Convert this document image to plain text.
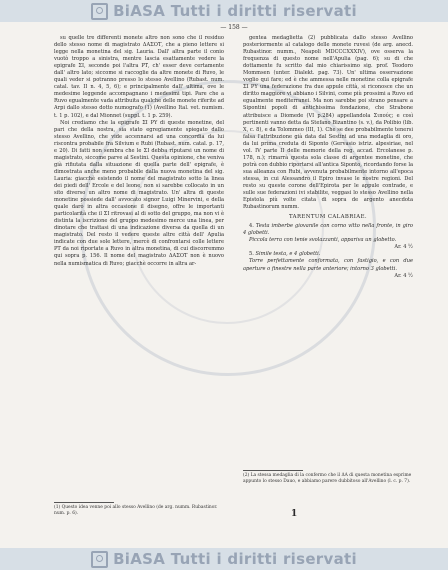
BiASA Tutti i diritti riservati
— 158 —

su quelle tre differenti monete altro non sono che il residuo dello stesso nome di magistrato ΔΑΣΟΤ, che a pieno lettere si legge nella monetina del sig. Lauria. Dall' altra parte il conio vuotò troppo a sinistra, mentre lascia esattamente vedere la epigrafe ΣΙ, seconde poi l'altra ΡΤ, ch' esser deve certamente dall' altro lato; siccome si raccoglie da altre monete di Ruvo, le quali veder si potranno presso lo stesso Avellino (Rubast. num. catal. tav. II n. 4, 5, 6); e principalmente dall' ultima, ove le medesime leggende accompagnano i medesimi tipi. Pare che a Ruvo egualmente vada attribuita qualche delle monete riferite ad Arpi dallo stesso dotto numografo (1) (Avellino Ital. vet. numism. t. 1 p. 102), e dal Mionnet (suppl. t. 1 p. 259).

Noi crediamo che la epigrafe ΣΙ ΡΥ di queste monetine, del pari che della nostra, sia stato egregiamente spiegato dallo stesso Avellino, che vide accennarsi ad una concordia da lui riscontra probabile fra Silvium e Rubi (Rubast. num. catal. p. 17, e 20). Di fatti non sembra che le ΣΙ debba riputarsi un nome di magistrato, siccome parve al Sestini. Questa opinione, che veniva già rifiutata dalla situazione di quella parte dell' epigrafe, è dimostrata anche meno probabile dalla nuova monetina del sig. Lauria: giacchè esistendo il nome del magistrato sotto la linea dei piedi dell' Ercole e del leone, non si sarebbe collocato in un sito diverso un altro nome di magistrato. Un' altra di queste monetine possiede dall' avvocato signor Luigi Minervini, e della quale darò in altra occasione il disegno, offre le importanti particolarità che il ΣΙ ritrovasi al di sotto del gruppo, ma non vi è distinta la iscrizione del gruppo medesimo merce una linea, per dinotare che trattasi di una indicazione diversa da quella di un magistrato. Del resto il vedere queste altre città dell' Apulia indicate con due sole lettere, mercè di confrontarsi colle lettere ΡΤ da noi riportate a Ruvo in altra monetina, di cui discorremmo qui sopra p. 156. Il nome del magistrato ΔΑΣΟΤ non è nuovo nella numismatica di Ruvo; giacchè occorre in altra ar-

(1) Questo idea venne poi allo stesso Avellino (de arg. numm. Rubastinor. num. p. 6).

gentea medaglietta (2) pubblicata dallo stesso Avellino posteriormente al catalogo delle monete ruvesi (de arg. anecd. Rubastinor. numm., Neapoli MDCCCXXXIV), ove osserva la frequenza di questo nome nell'Apulia (pag. 6); su di che dottamente fu scritto dal mio chiarissimo sig. prof. Teodoro Mommsen (unter. Dialekt. pag. 73). Un' ultima osservazione voglio qui fare; ed è che ammessa nelle monetine colla epigrafe ΣΙ ΡΥ una federazione fra due appule città, si riconosce che un diritto maggiore vi abbiano i Silvini, come più prossimi a Ruvo ed egualmente mediterranei. Ma non sarebbe poi strano pensare a Sipontini popoli di antichissima fondazione, che Strabone attribuisce a Diomede (VI p.284) appellandola Σιπούς; e così pertinenti vanno detta da Stefano Bizantino (s. v.), da Polibio (lib. X, c. 8), e da Tolommeo (III, 1). Che se dee probabilmente tenersi falsa l'attribuzione già data dal Sestini ad una medaglia di oro, da lui prima creduta di Siponto (Gervasio istriz. alpesiriae, nel vol. IV parte II delle memorie della reg. accad. Ercolanese p. 178, n.); rimarrà questa sola classe di argentee monetine, che potrà con dubbio riportarsi all'antica Siponto, ricordando forse la sua alleanza con Rubi, avvenuta probabilmente intorno all'epoca stessa, in cui Alessandro il Epiro invase le nostre regioni. Del resto su queste corone dell'Epirota per le appule contrade, e sulle sue federazioni ivi stabilite, veggasi lo stesso Avellino nella Epistola più volte citata di sopra de argento anecdota Rubastinorum numm.

TARENTUM CALABRIAE.

4. Testa imberbe giovanile con corno vitto nella fronte, in giro 4 globetti.

Piccola terra con tenie svolazzanti, appariva un globetto.

Ar. 4 ½

5. Simile testa, e 4 globetti.

Torre perfettamente conformata, con fastigio, e con due aperture o finestre nella parte anteriore; intorno 3 globetti.

Ar. 4 ½
(2) La stessa medaglia di la confermo che il ΔΑ di questa monetina esprime appunto lo stesso Dauo, e abbiamo parere dubbitoso all'Avellino (l. c. p. 7).
1
BiASA Tutti i diritti riservati
